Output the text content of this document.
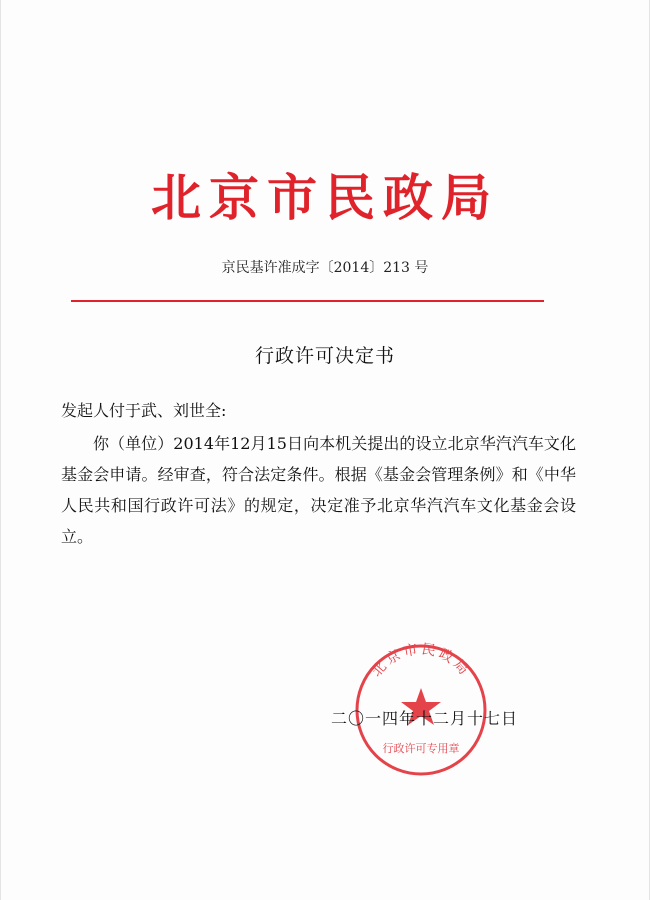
北京市民政局
京民基许准成字〔2014〕213 号
行政许可决定书
发起人付于武、刘世全:
你（单位）2014年12月15日向本机关提出的设立北京华汽汽车文化基金会申请。经审查，符合法定条件。根据《基金会管理条例》和《中华人民共和国行政许可法》的规定，决定准予北京华汽汽车文化基金会设立。
北京市民政局
行政许可专用章
二〇一四年十二月十七日
